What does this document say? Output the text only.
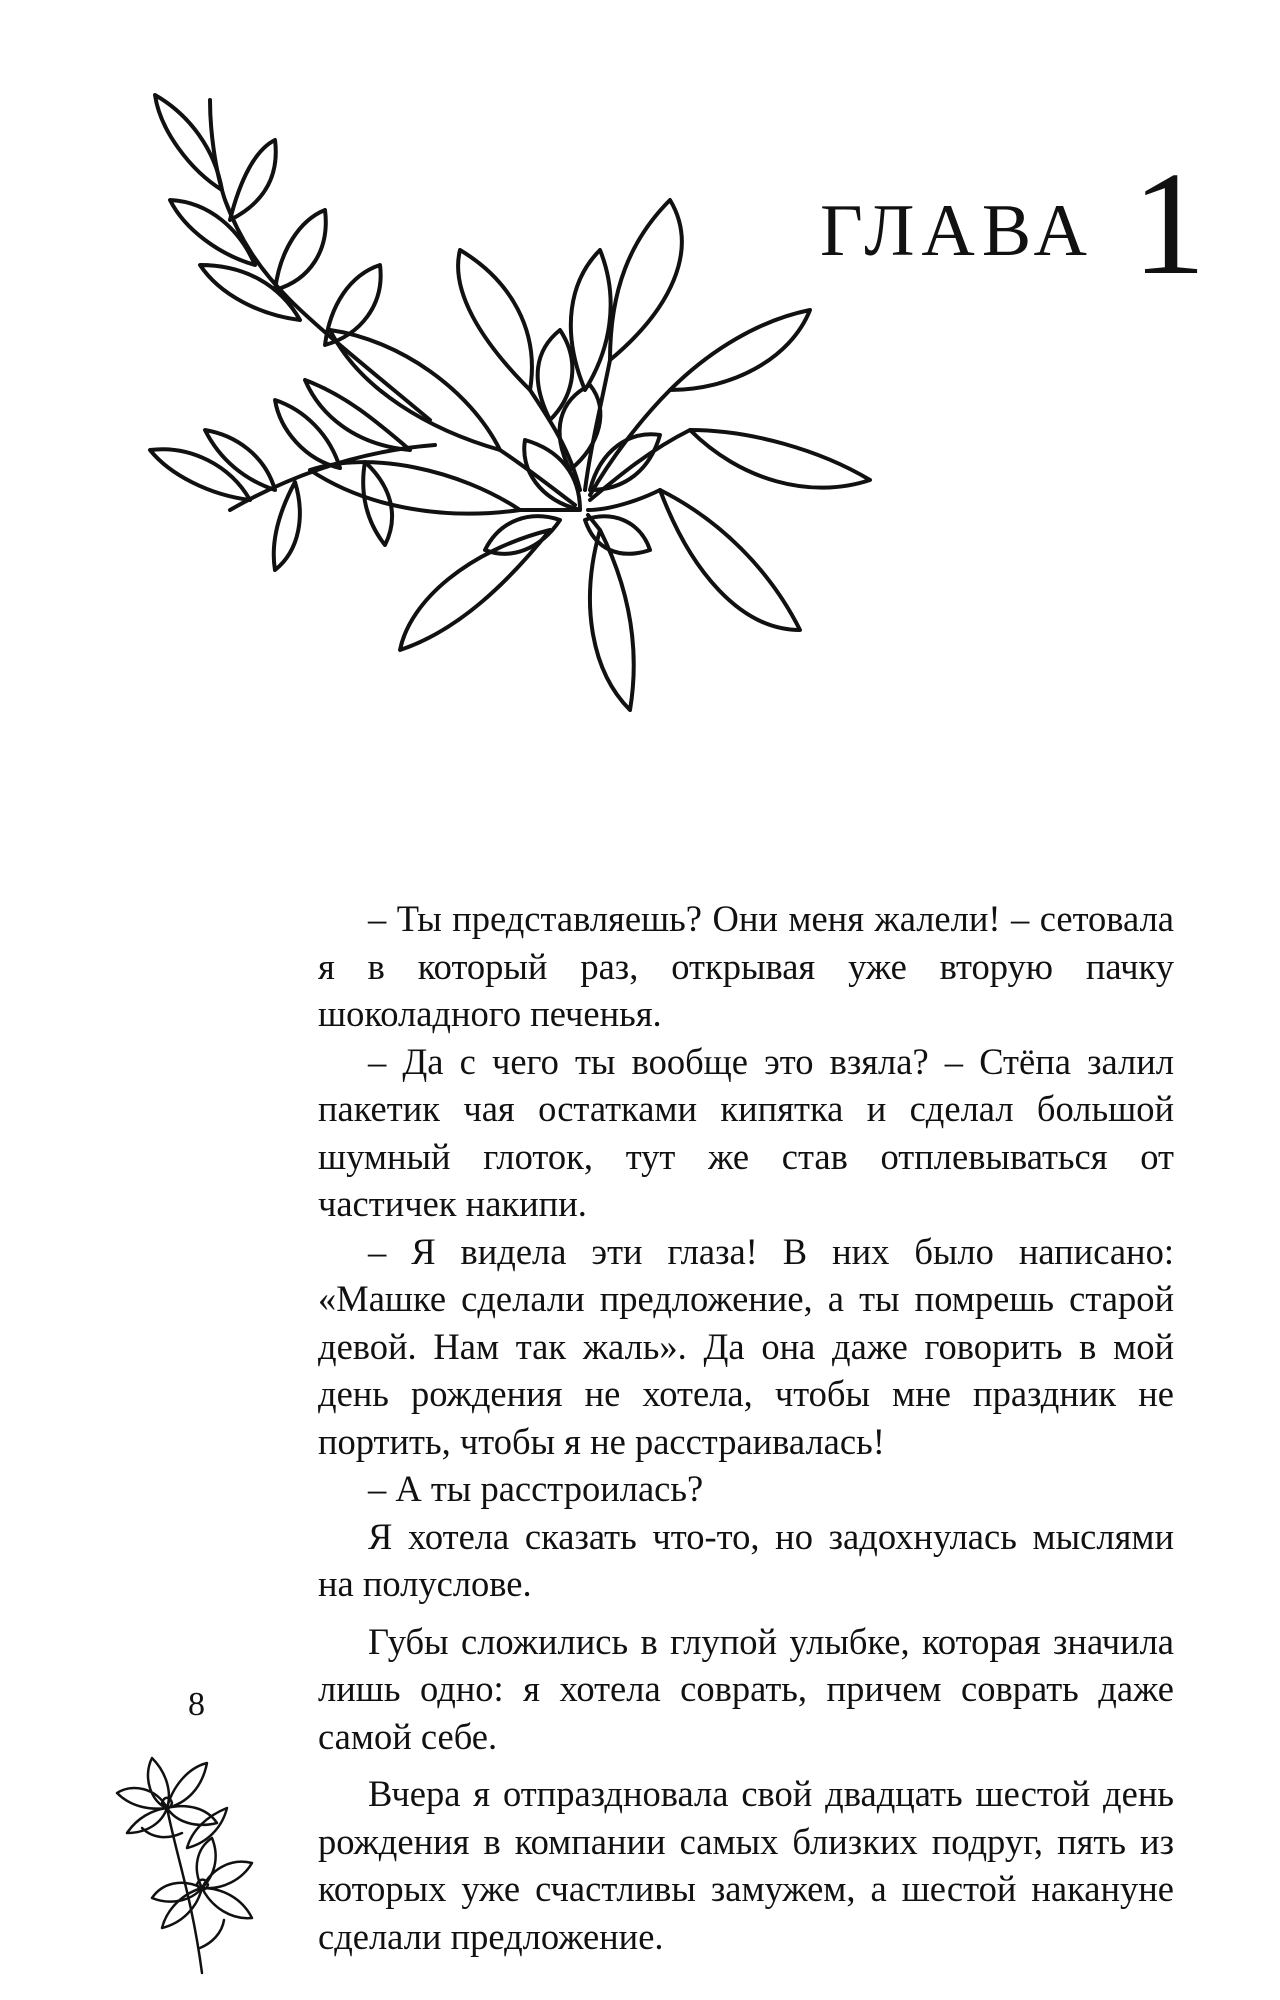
ГЛАВА 1

– Ты представляешь? Они меня жалели! – сетовала я в который раз, открывая уже вторую пачку шоколадного печенья.

– Да с чего ты вообще это взяла? – Стёпа залил пакетик чая остатками кипятка и сделал большой шумный глоток, тут же став отплевываться от частичек накипи.

– Я видела эти глаза! В них было написано: «Машке сделали предложение, а ты помрешь старой девой. Нам так жаль». Да она даже говорить в мой день рождения не хотела, чтобы мне праздник не портить, чтобы я не расстраивалась!

– А ты расстроилась?

Я хотела сказать что-то, но задохнулась мыслями на полуслове.

Губы сложились в глупой улыбке, которая значила лишь одно: я хотела соврать, причем соврать даже самой себе.

Вчера я отпраздновала свой двадцать шестой день рождения в компании самых близких подруг, пять из которых уже счастливы замужем, а шестой накануне сделали предложение.

8
